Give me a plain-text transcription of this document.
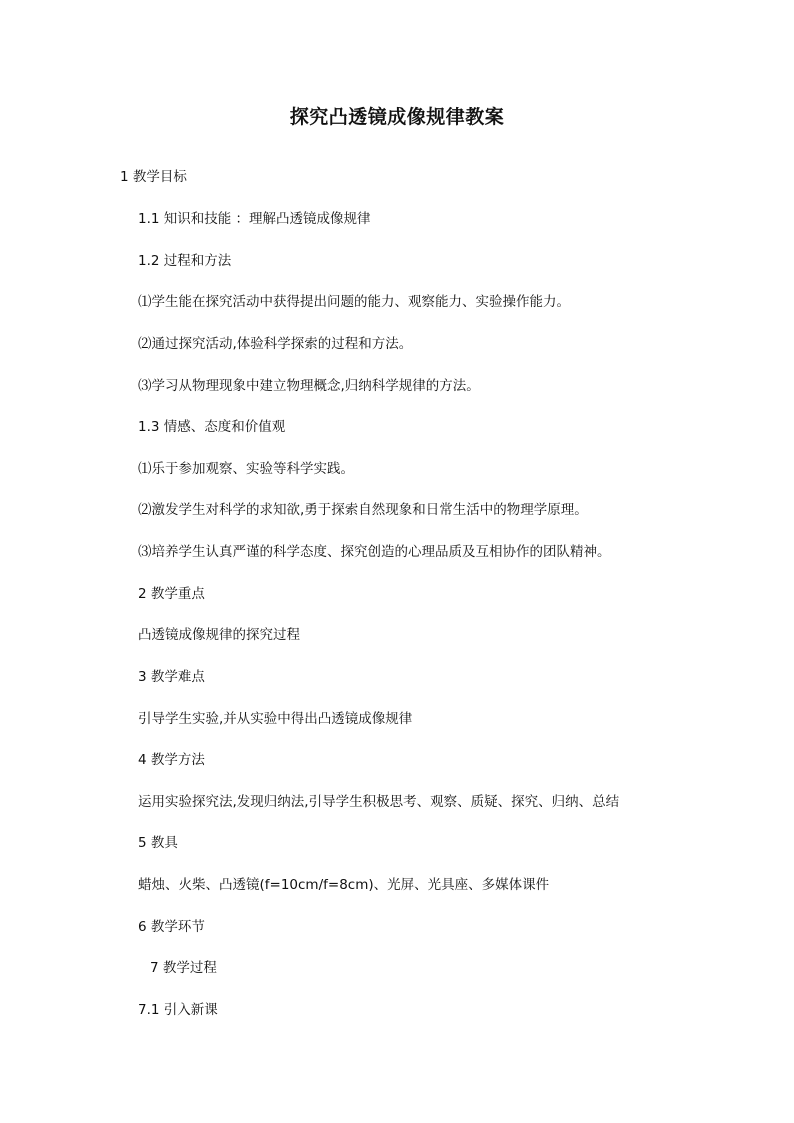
探究凸透镜成像规律教案
1 教学目标
1.1 知识和技能 ：理解凸透镜成像规律
1.2 过程和方法
⑴学生能在探究活动中获得提出问题的能力、观察能力、实验操作能力。
⑵通过探究活动,体验科学探索的过程和方法。
⑶学习从物理现象中建立物理概念,归纳科学规律的方法。
1.3 情感、态度和价值观
⑴乐于参加观察、实验等科学实践。
⑵激发学生对科学的求知欲,勇于探索自然现象和日常生活中的物理学原理。
⑶培养学生认真严谨的科学态度、探究创造的心理品质及互相协作的团队精神。
2 教学重点
凸透镜成像规律的探究过程
3 教学难点
引导学生实验,并从实验中得出凸透镜成像规律
4 教学方法
运用实验探究法,发现归纳法,引导学生积极思考、观察、质疑、探究、归纳、总结
5 教具
蜡烛、火柴、凸透镜(f=10cm/f=8cm)、光屏、光具座、多媒体课件
6 教学环节
7 教学过程
7.1 引入新课
